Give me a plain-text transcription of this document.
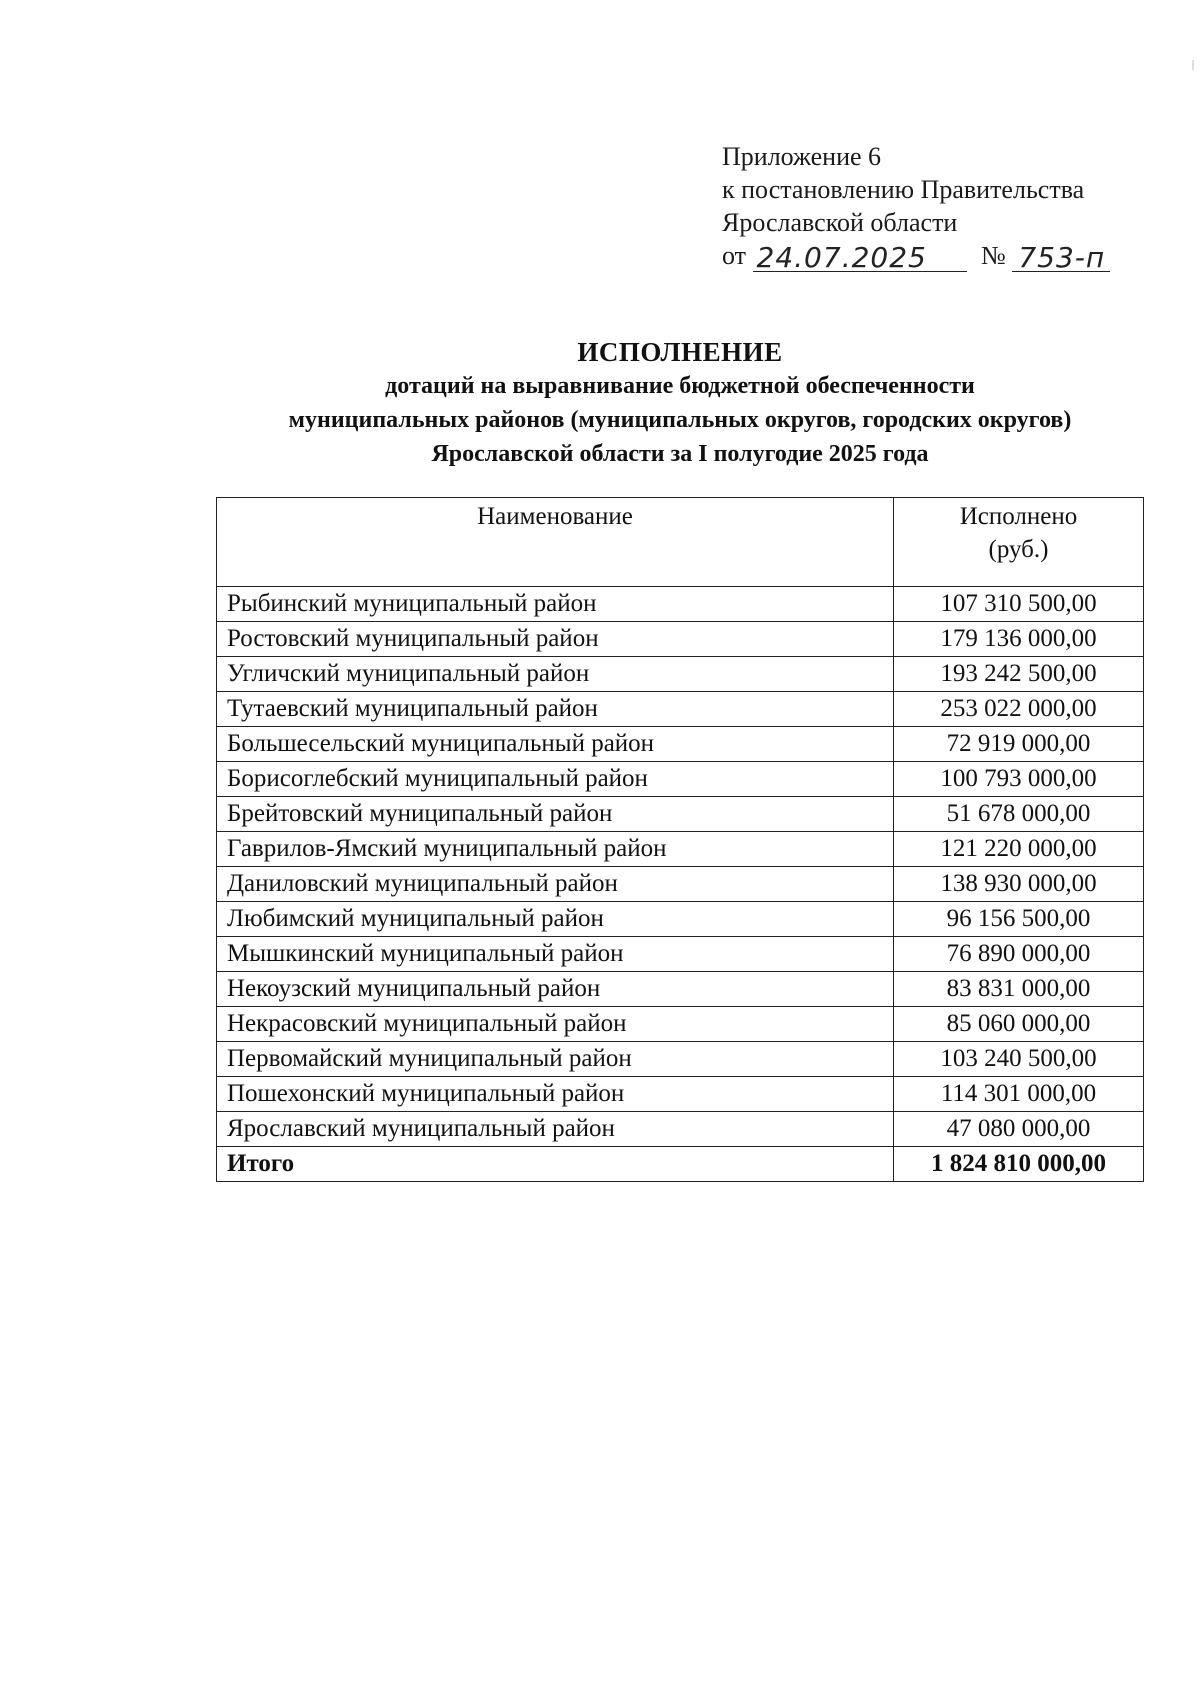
Приложение 6
к постановлению Правительства
Ярославской области
от 24.07.2025 № 753-п
ИСПОЛНЕНИЕ
дотаций на выравнивание бюджетной обеспеченности
муниципальных районов (муниципальных округов, городских округов)
Ярославской области за I полугодие 2025 года
Наименование	Исполнено
(руб.)

Рыбинский муниципальный район	107 310 500,00
Ростовский муниципальный район	179 136 000,00
Угличский муниципальный район	193 242 500,00
Тутаевский муниципальный район	253 022 000,00
Большесельский муниципальный район	72 919 000,00
Борисоглебский муниципальный район	100 793 000,00
Брейтовский муниципальный район	51 678 000,00
Гаврилов-Ямский муниципальный район	121 220 000,00
Даниловский муниципальный район	138 930 000,00
Любимский муниципальный район	96 156 500,00
Мышкинский муниципальный район	76 890 000,00
Некоузский муниципальный район	83 831 000,00
Некрасовский муниципальный район	85 060 000,00
Первомайский муниципальный район	103 240 500,00
Пошехонский муниципальный район	114 301 000,00
Ярославский муниципальный район	47 080 000,00
Итого	1 824 810 000,00
